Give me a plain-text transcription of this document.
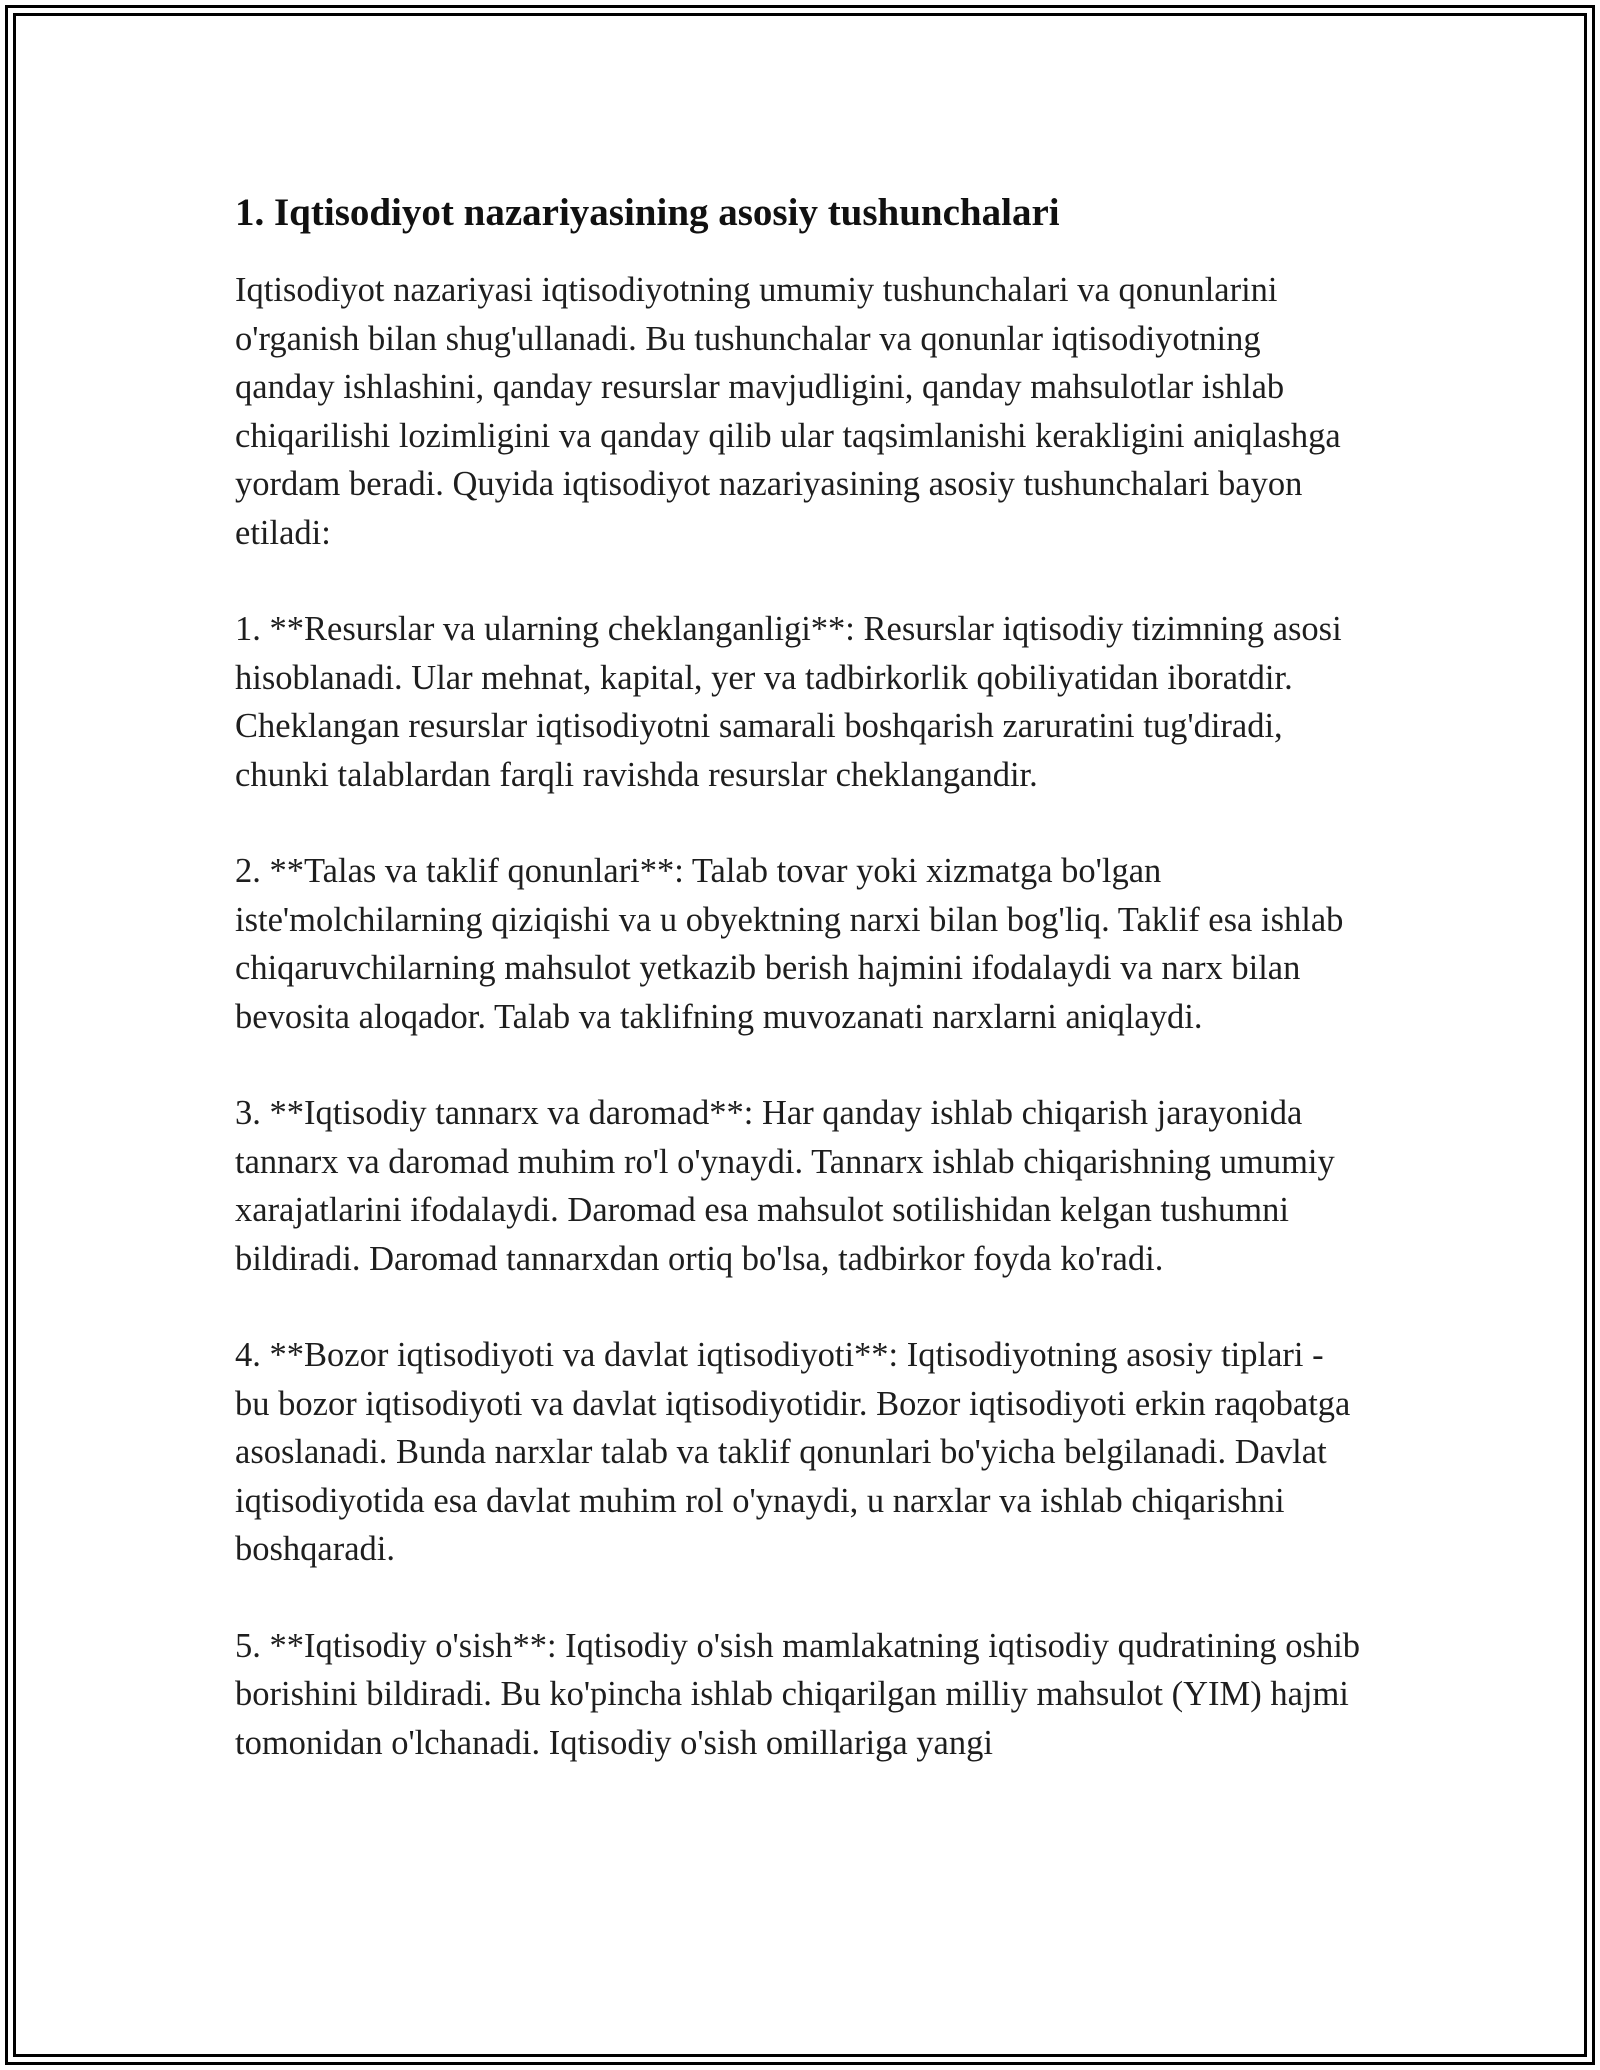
1. Iqtisodiyot nazariyasining asosiy tushunchalari

Iqtisodiyot nazariyasi iqtisodiyotning umumiy tushunchalari va qonunlarini o'rganish bilan shug'ullanadi. Bu tushunchalar va qonunlar iqtisodiyotning qanday ishlashini, qanday resurslar mavjudligini, qanday mahsulotlar ishlab chiqarilishi lozimligini va qanday qilib ular taqsimlanishi kerakligini aniqlashga yordam beradi. Quyida iqtisodiyot nazariyasining asosiy tushunchalari bayon etiladi:

1. **Resurslar va ularning cheklanganligi**: Resurslar iqtisodiy tizimning asosi hisoblanadi. Ular mehnat, kapital, yer va tadbirkorlik qobiliyatidan iboratdir. Cheklangan resurslar iqtisodiyotni samarali boshqarish zaruratini tug'diradi, chunki talablardan farqli ravishda resurslar cheklangandir.

2. **Talas va taklif qonunlari**: Talab tovar yoki xizmatga bo'lgan iste'molchilarning qiziqishi va u obyektning narxi bilan bog'liq. Taklif esa ishlab chiqaruvchilarning mahsulot yetkazib berish hajmini ifodalaydi va narx bilan bevosita aloqador. Talab va taklifning muvozanati narxlarni aniqlaydi.

3. **Iqtisodiy tannarx va daromad**: Har qanday ishlab chiqarish jarayonida tannarx va daromad muhim ro'l o'ynaydi. Tannarx ishlab chiqarishning umumiy xarajatlarini ifodalaydi. Daromad esa mahsulot sotilishidan kelgan tushumni bildiradi. Daromad tannarxdan ortiq bo'lsa, tadbirkor foyda ko'radi.

4. **Bozor iqtisodiyoti va davlat iqtisodiyoti**: Iqtisodiyotning asosiy tiplari - bu bozor iqtisodiyoti va davlat iqtisodiyotidir. Bozor iqtisodiyoti erkin raqobatga asoslanadi. Bunda narxlar talab va taklif qonunlari bo'yicha belgilanadi. Davlat iqtisodiyotida esa davlat muhim rol o'ynaydi, u narxlar va ishlab chiqarishni boshqaradi.

5. **Iqtisodiy o'sish**: Iqtisodiy o'sish mamlakatning iqtisodiy qudratining oshib borishini bildiradi. Bu ko'pincha ishlab chiqarilgan milliy mahsulot (YIM) hajmi tomonidan o'lchanadi. Iqtisodiy o'sish omillariga yangi
